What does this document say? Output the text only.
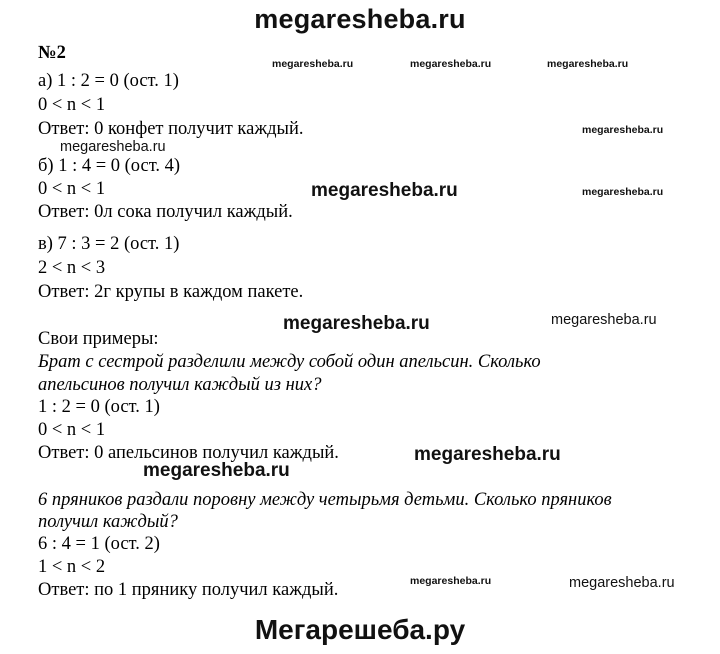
megaresheba.ru
№2
а) 1 : 2 = 0 (ост. 1)
0 < n < 1
Ответ: 0 конфет получит каждый.
б) 1 : 4 = 0 (ост. 4)
0 < n < 1
Ответ: 0л сока получил каждый.
в) 7 : 3 = 2 (ост. 1)
2 < n < 3
Ответ: 2г крупы в каждом пакете.
Свои примеры:
Брат с сестрой разделили между собой один апельсин. Сколько
апельсинов получил каждый из них?
1 : 2 = 0 (ост. 1)
0 < n < 1
Ответ: 0 апельсинов получил каждый.
6 пряников раздали поровну между четырьмя детьми. Сколько пряников
получил каждый?
6 : 4 = 1 (ост. 2)
1 < n < 2
Ответ: по 1 прянику получил каждый.
megaresheba.ru	megaresheba.ru	megaresheba.ru
megaresheba.ru
megaresheba.ru
megaresheba.ru	megaresheba.ru
megaresheba.ru	megaresheba.ru
megaresheba.ru
megaresheba.ru
megaresheba.ru	megaresheba.ru
Мегарешеба.ру
